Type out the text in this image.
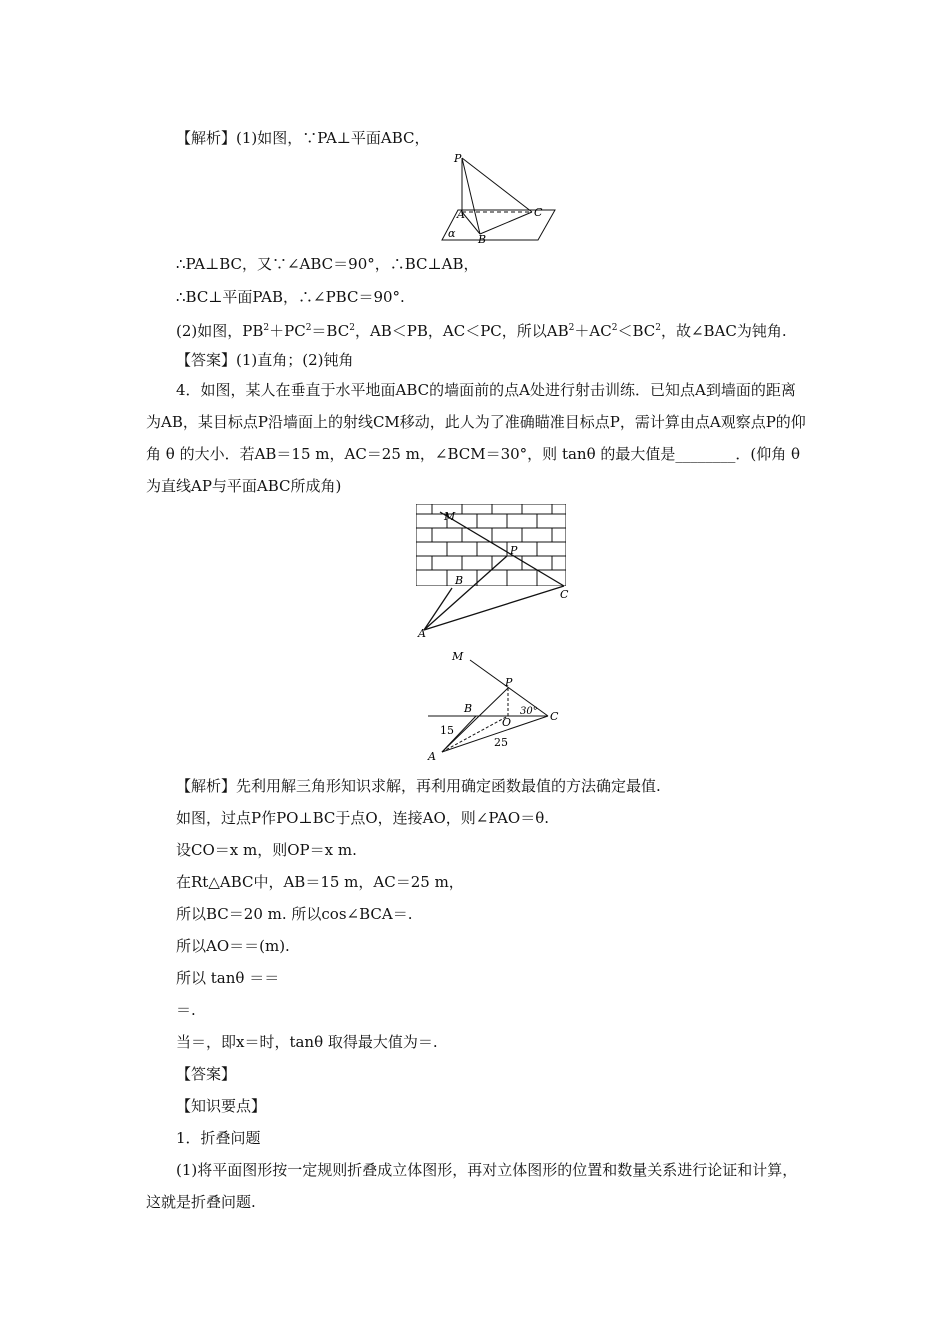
【解析】(1)如图，∵PA⊥平面ABC，
P
A	C
B
α
∴PA⊥BC，又∵∠ABC＝90°，∴BC⊥AB，
∴BC⊥平面PAB，∴∠PBC＝90°.
(2)如图，$PB^2+PC^2=BC^2$，AB＜PB，AC＜PC，所以$AB^2+AC^2<BC^2$，故∠BAC为钝角.
【答案】(1)直角；(2)钝角
4．如图，某人在垂直于水平地面ABC的墙面前的点A处进行射击训练．已知点A到墙面的距离为AB，某目标点P沿墙面上的射线CM移动，此人为了准确瞄准目标点P，需计算由点A观察点P的仰角 θ 的大小．若AB＝15 m，AC＝25 m，∠BCM＝30°，则 tanθ 的最大值是________．(仰角 θ 为直线AP与平面ABC所成角)
M
P
B
C
A
M
P
B
O
30° C
15
25
A
【解析】先利用解三角形知识求解，再利用确定函数最值的方法确定最值.
如图，过点P作PO⊥BC于点O，连接AO，则∠PAO＝θ.
设CO＝x m，则OP＝x m.
在Rt△ABC中，AB＝15 m，AC＝25 m，
所以BC＝20 m. 所以cos∠BCA＝.
所以AO＝＝(m).
所以 tanθ ＝＝
＝.
当＝，即x＝时，tanθ 取得最大值为＝.
【答案】
【知识要点】
1．折叠问题
(1)将平面图形按一定规则折叠成立体图形，再对立体图形的位置和数量关系进行论证和计算，这就是折叠问题.
